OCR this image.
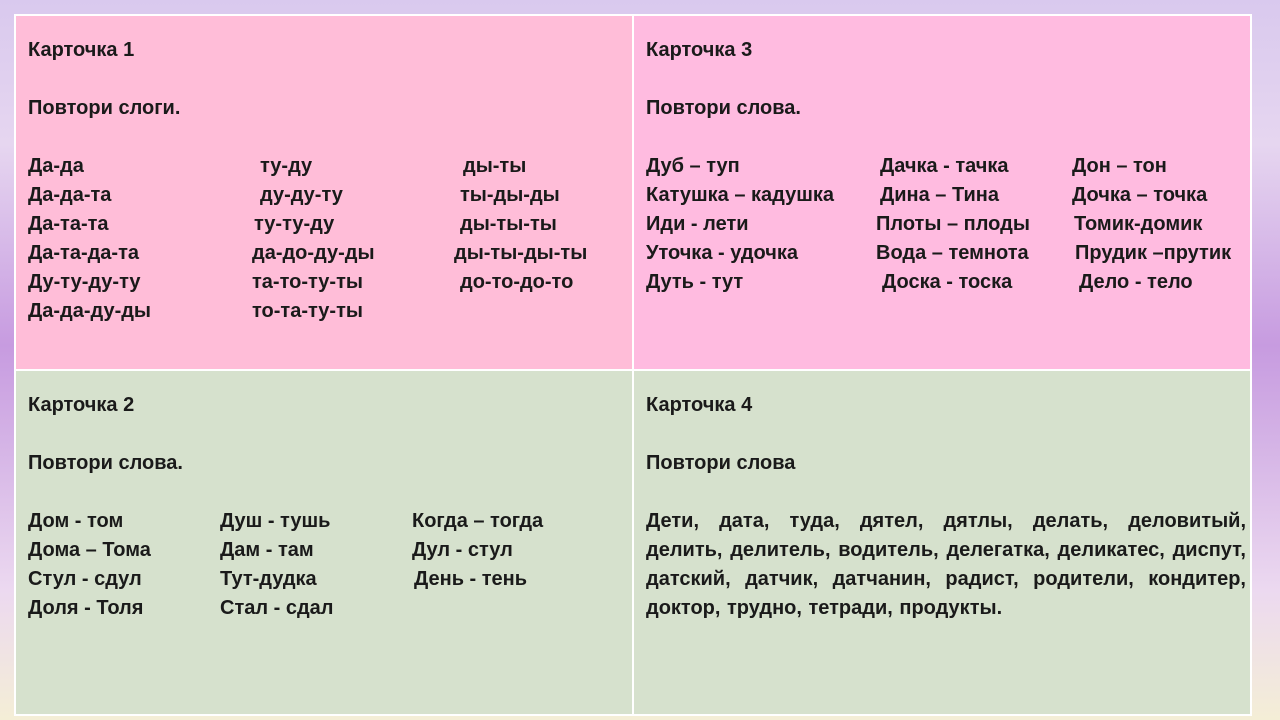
Карточка 1
Повтори слоги.
Да-да
Да-да-та
Да-та-та
Да-та-да-та
Ду-ту-ду-ту
Да-да-ду-ды
ту-ду
ду-ду-ту
ту-ту-ду
да-до-ду-ды
та-то-ту-ты
то-та-ту-ты
ды-ты
ты-ды-ды
ды-ты-ты
ды-ты-ды-ты
до-то-до-то
Карточка 3
Повтори слова.
Дуб – туп
Катушка – кадушка
Иди - лети
Уточка - удочка
Дуть - тут
Дачка - тачка
Дина – Тина
Плоты – плоды
Вода – темнота
Доска - тоска
Дон – тон
Дочка – точка
Томик-домик
Прудик –прутик
Дело - тело
Карточка 2
Повтори слова.
Дом - том
Дома – Тома
Стул - сдул
Доля - Толя
Душ - тушь
Дам - там
Тут-дудка
Стал - сдал
Когда – тогда
Дул - стул
День - тень
Карточка 4
Повтори слова
Дети, дата, туда, дятел, дятлы, делать, деловитый, делить, делитель, водитель, делегатка, деликатес, диспут, датский, датчик, датчанин, радист, родители, кондитер, доктор, трудно, тетради, продукты.
